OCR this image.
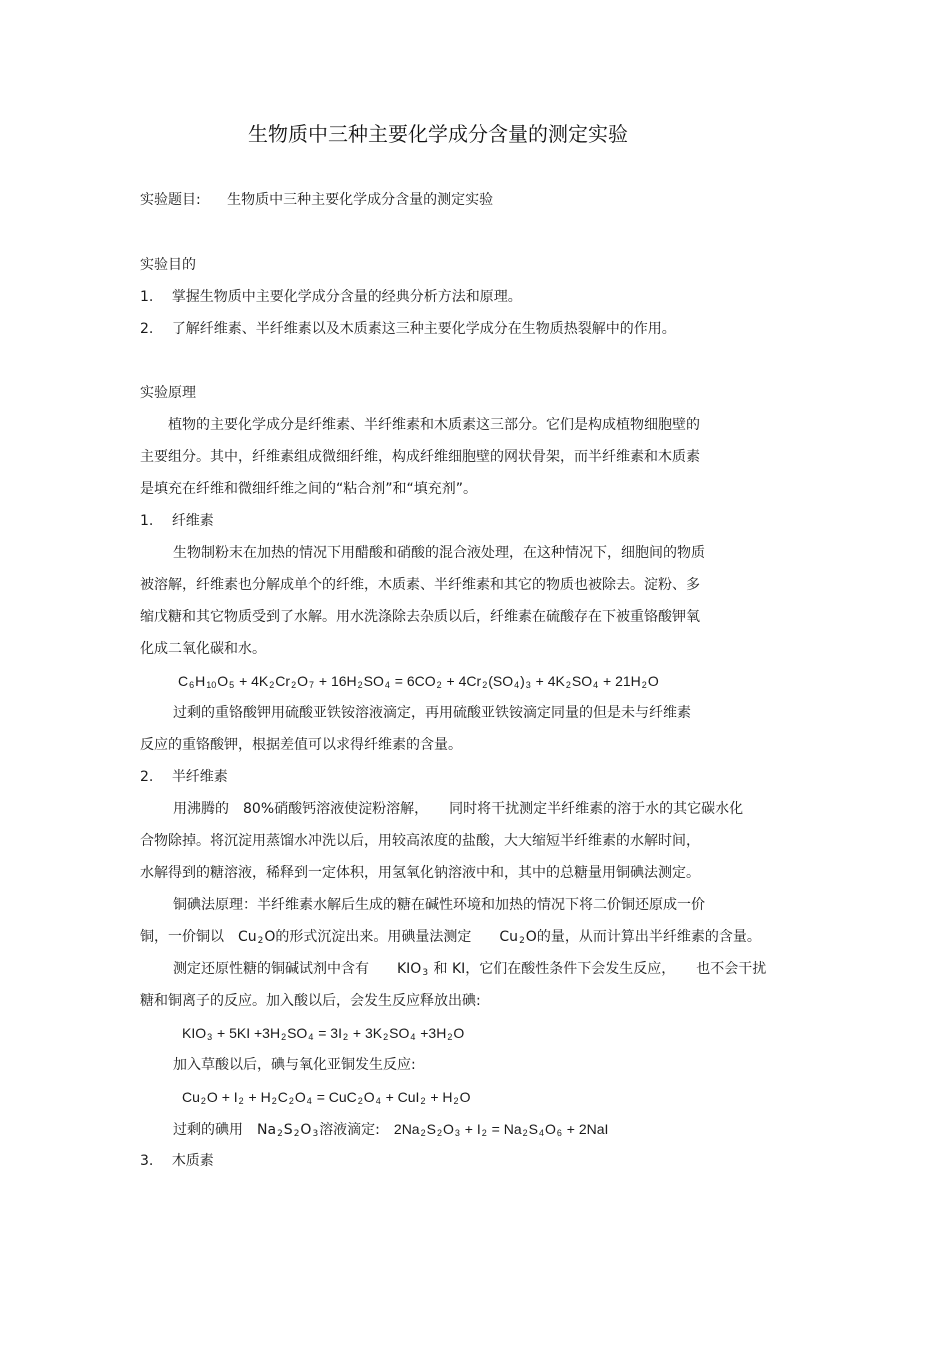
生物质中三种主要化学成分含量的测定实验
实验题目: 生物质中三种主要化学成分含量的测定实验
实验目的
1. 掌握生物质中主要化学成分含量的经典分析方法和原理。
2. 了解纤维素、半纤维素以及木质素这三种主要化学成分在生物质热裂解中的作用。
实验原理
植物的主要化学成分是纤维素、半纤维素和木质素这三部分。它们是构成植物细胞壁的
主要组分。其中，纤维素组成微细纤维，构成纤维细胞壁的网状骨架，而半纤维素和木质素
是填充在纤维和微细纤维之间的“粘合剂”和“填充剂”。
1. 纤维素
生物制粉末在加热的情况下用醋酸和硝酸的混合液处理，在这种情况下，细胞间的物质
被溶解，纤维素也分解成单个的纤维，木质素、半纤维素和其它的物质也被除去。淀粉、多
缩戊糖和其它物质受到了水解。用水洗涤除去杂质以后，纤维素在硫酸存在下被重铬酸钾氧
化成二氧化碳和水。
C6H10O5 + 4K2Cr2O7 + 16H2SO4 = 6CO2 + 4Cr2(SO4)3 + 4K2SO4 + 21H2O
过剩的重铬酸钾用硫酸亚铁铵溶液滴定，再用硫酸亚铁铵滴定同量的但是未与纤维素
反应的重铬酸钾，根据差值可以求得纤维素的含量。
2. 半纤维素
用沸腾的　80%硝酸钙溶液使淀粉溶解，　　同时将干扰测定半纤维素的溶于水的其它碳水化
合物除掉。将沉淀用蒸馏水冲洗以后，用较高浓度的盐酸，大大缩短半纤维素的水解时间，
水解得到的糖溶液，稀释到一定体积，用氢氧化钠溶液中和，其中的总糖量用铜碘法测定。
铜碘法原理：半纤维素水解后生成的糖在碱性环境和加热的情况下将二价铜还原成一价
铜，一价铜以　Cu2O的形式沉淀出来。用碘量法测定　　Cu2O的量，从而计算出半纤维素的含量。
测定还原性糖的铜碱试剂中含有　　KIO3 和 KI，它们在酸性条件下会发生反应，　　也不会干扰
糖和铜离子的反应。加入酸以后，会发生反应释放出碘:
KIO3 + 5KI +3H2SO4 = 3I2 + 3K2SO4 +3H2O
加入草酸以后，碘与氧化亚铜发生反应:
Cu2O + I2 + H2C2O4 = CuC2O4 + CuI2 + H2O
过剩的碘用　Na2S2O3溶液滴定:　2Na2S2O3 + I2 = Na2S4O6 + 2NaI
3. 木质素
